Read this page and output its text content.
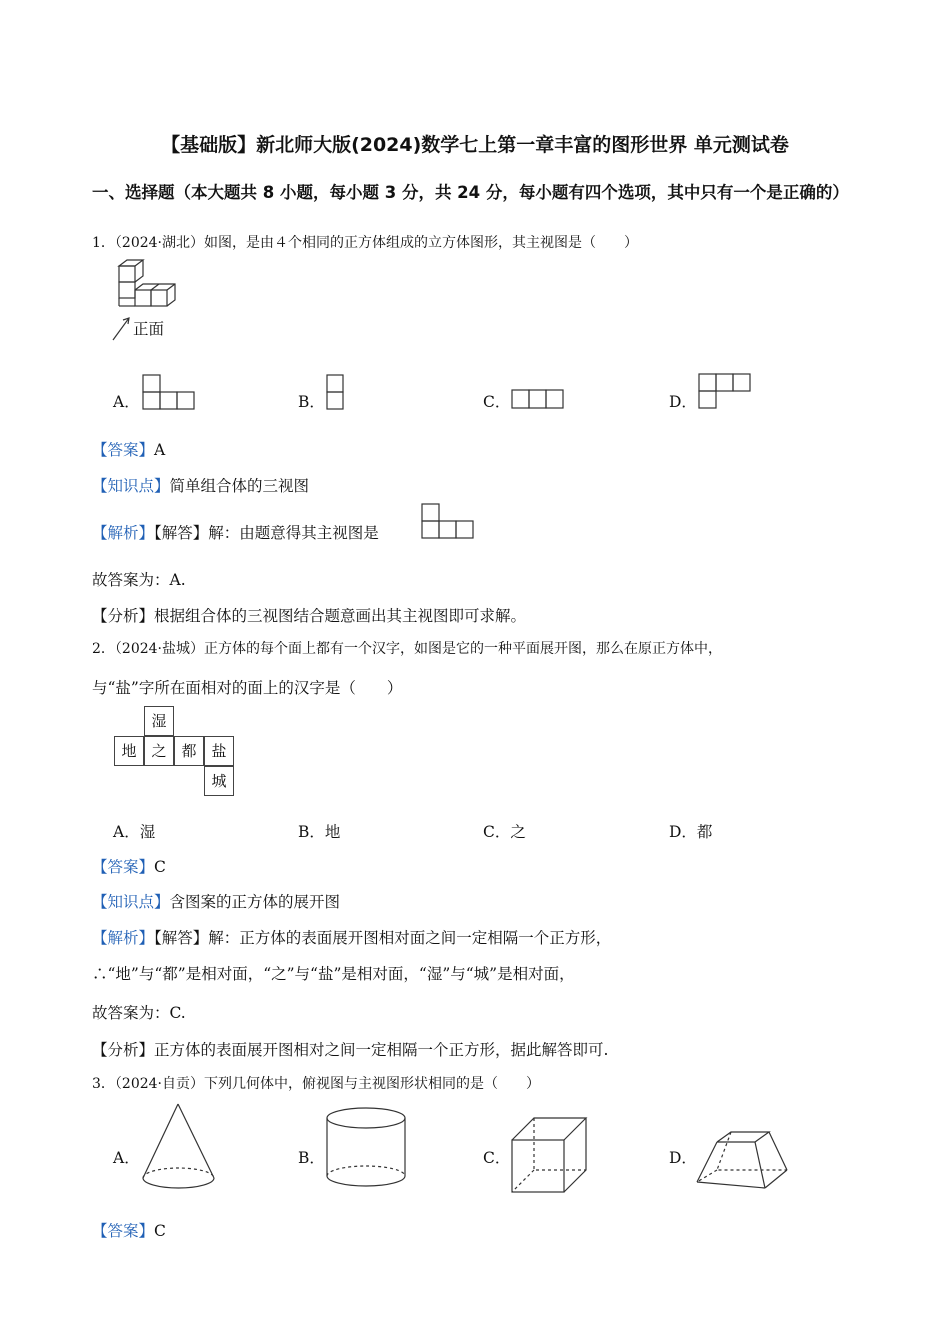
【基础版】新北师大版(2024)数学七上第一章丰富的图形世界 单元测试卷
一、选择题（本大题共 8 小题，每小题 3 分，共 24 分，每小题有四个选项，其中只有一个是正确的）
1．（2024·湖北）如图，是由４个相同的正方体组成的立方体图形，其主视图是（　　）
正面
A．	B．	C．	D．
【答案】A
【知识点】简单组合体的三视图
【解析】【解答】解：由题意得其主视图是
故答案为：A.
【分析】根据组合体的三视图结合题意画出其主视图即可求解。
2．（2024·盐城）正方体的每个面上都有一个汉字，如图是它的一种平面展开图，那么在原正方体中，
与“盐”字所在面相对的面上的汉字是（　　）
湿
地 之 都 盐
城
A．湿	B．地	C．之	D．都
【答案】C
【知识点】含图案的正方体的展开图
【解析】【解答】解：正方体的表面展开图相对面之间一定相隔一个正方形，
∴“地”与“都”是相对面，“之”与“盐”是相对面，“湿”与“城”是相对面，
故答案为：C.
【分析】正方体的表面展开图相对之间一定相隔一个正方形，据此解答即可.
3．（2024·自贡）下列几何体中，俯视图与主视图形状相同的是（　　）
A．	B．	C．	D．
【答案】C
